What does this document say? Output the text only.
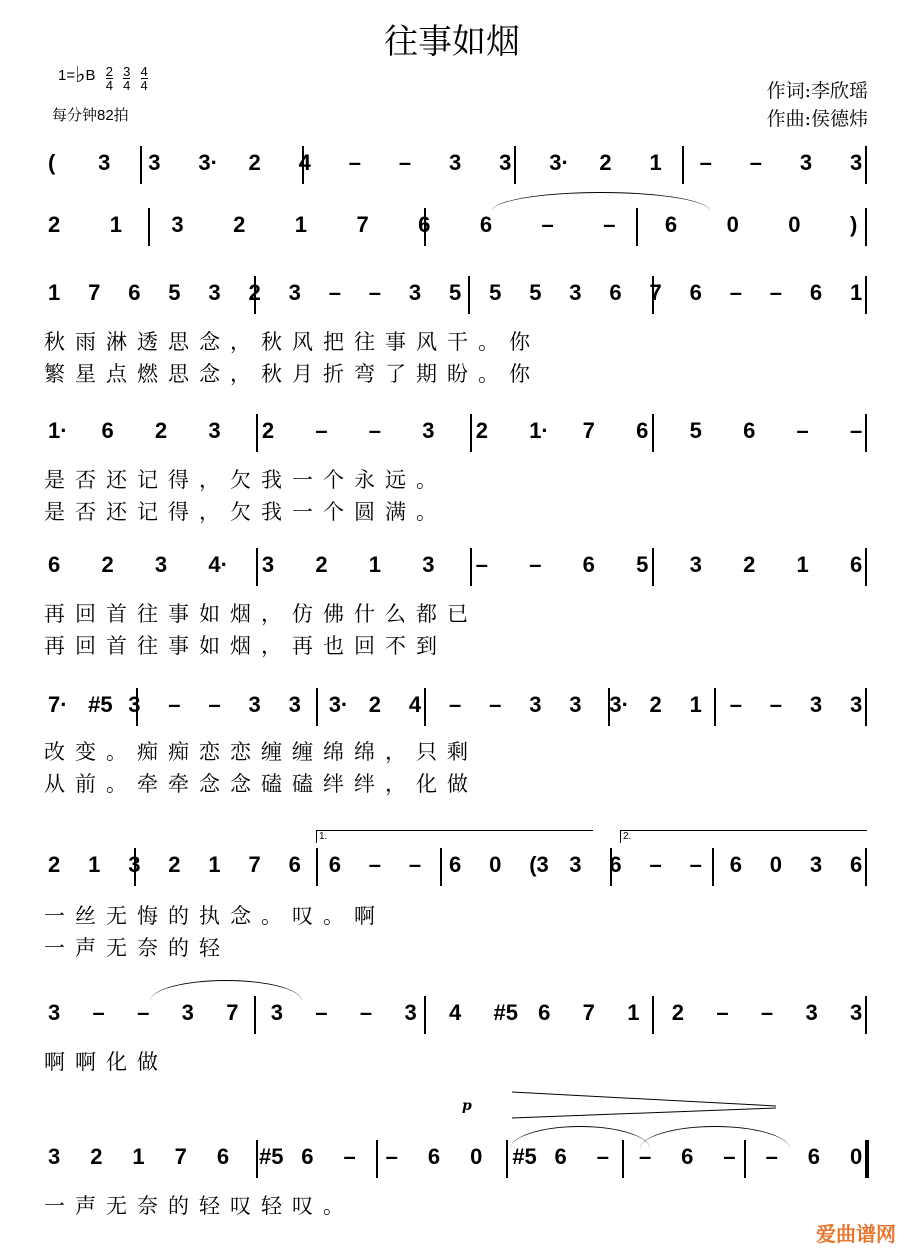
往事如烟
1=♭B $\frac{2}{4}$
$\frac{3}{4}$
$\frac{4}{4}$
每分钟82拍
作词:李欣瑶
作曲:侯德炜
( 3 3 3· 2 4 – – 3 3 3· 2 1 – – 3 3
2 1 3 2 1 7 6 6 – – 6 0 0 )
1 7 6 5 3 2 3 – – 3 5 5 5 3 6 7 6 – – 6 1
秋雨淋透思念，秋风把往事风干。你
繁星点燃思念，秋月折弯了期盼。你
1· 6 2 3 2 – – 3 2 1· 7 6 5 6 – –
是否还记得，欠我一个永远。
是否还记得，欠我一个圆满。
6 2 3 4· 3 2 1 3 – – 6 5 3 2 1 6
再回首往事如烟，仿佛什么都已
再回首往事如烟，再也回不到
7· #5 3 – – 3 3 3· 2 4 – – 3 3 3· 2 1 – – 3 3
改变。痴痴恋恋缠缠绵绵，只剩
从前。牵牵念念磕磕绊绊，化做
2 1 3 2 1 7 6 6 – – 6 0 (3 3 6 – – 6 0 3 6
一丝无悔的执念。叹。啊
一声无奈的轻
1.	2.
3 – – 3 7 3 – – 3 4 #5 6 7 1 2 – – 3 3
啊啊化做
3 2 1 7 6 #5 6 – – 6 0 #5 6 – – 6 – – 6 0
一声无奈的轻叹轻叹。
p
爱曲谱网
